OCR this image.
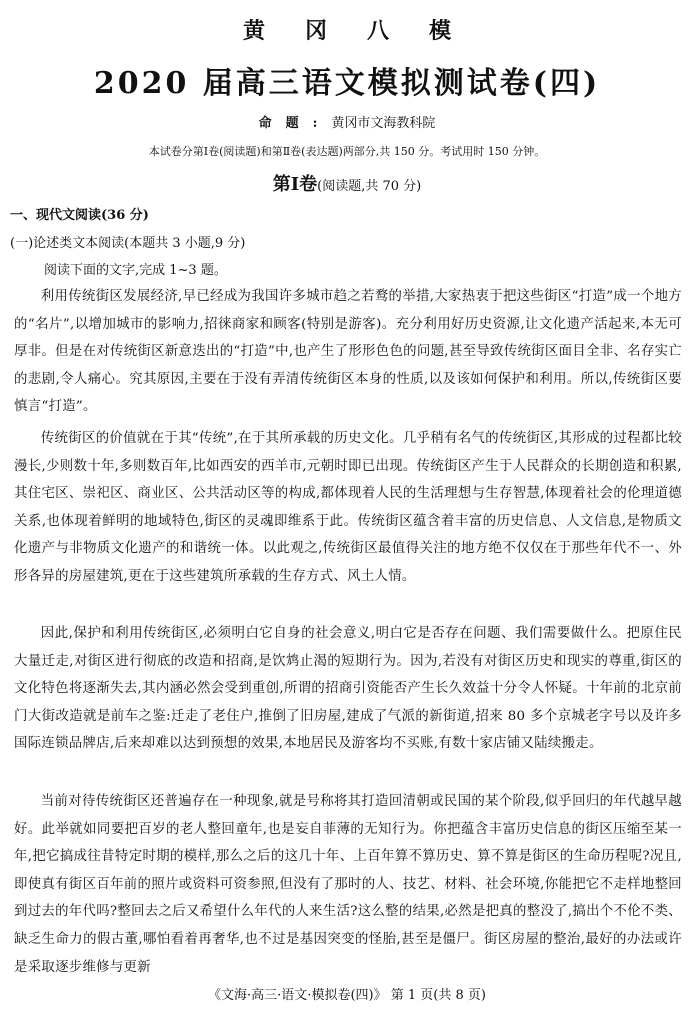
黄冈八模
2020 届高三语文模拟测试卷(四)
命题:黄冈市文海教科院
本试卷分第Ⅰ卷(阅读题)和第Ⅱ卷(表达题)两部分,共 150 分。考试用时 150 分钟。
第Ⅰ卷(阅读题,共 70 分)
一、现代文阅读(36 分)
(一)论述类文本阅读(本题共 3 小题,9 分)
阅读下面的文字,完成 1~3 题。

利用传统街区发展经济,早已经成为我国许多城市趋之若鹜的举措,大家热衷于把这些街区“打造”成一个地方的“名片”,以增加城市的影响力,招徕商家和顾客(特别是游客)。充分利用好历史资源,让文化遗产活起来,本无可厚非。但是在对传统街区新意迭出的“打造”中,也产生了形形色色的问题,甚至导致传统街区面目全非、名存实亡的悲剧,令人痛心。究其原因,主要在于没有弄清传统街区本身的性质,以及该如何保护和利用。所以,传统街区要慎言“打造”。

传统街区的价值就在于其“传统”,在于其所承载的历史文化。几乎稍有名气的传统街区,其形成的过程都比较漫长,少则数十年,多则数百年,比如西安的西羊市,元朝时即已出现。传统街区产生于人民群众的长期创造和积累,其住宅区、崇祀区、商业区、公共活动区等的构成,都体现着人民的生活理想与生存智慧,体现着社会的伦理道德关系,也体现着鲜明的地域特色,街区的灵魂即维系于此。传统街区蕴含着丰富的历史信息、人文信息,是物质文化遗产与非物质文化遗产的和谐统一体。以此观之,传统街区最值得关注的地方绝不仅仅在于那些年代不一、外形各异的房屋建筑,更在于这些建筑所承载的生存方式、风土人情。

因此,保护和利用传统街区,必须明白它自身的社会意义,明白它是否存在问题、我们需要做什么。把原住民大量迁走,对街区进行彻底的改造和招商,是饮鸩止渴的短期行为。因为,若没有对街区历史和现实的尊重,街区的文化特色将逐渐失去,其内涵必然会受到重创,所谓的招商引资能否产生长久效益十分令人怀疑。十年前的北京前门大街改造就是前车之鉴:迁走了老住户,推倒了旧房屋,建成了气派的新街道,招来 80 多个京城老字号以及许多国际连锁品牌店,后来却难以达到预想的效果,本地居民及游客均不买账,有数十家店铺又陆续搬走。

当前对待传统街区还普遍存在一种现象,就是号称将其打造回清朝或民国的某个阶段,似乎回归的年代越早越好。此举就如同要把百岁的老人整回童年,也是妄自菲薄的无知行为。你把蕴含丰富历史信息的街区压缩至某一年,把它搞成往昔特定时期的模样,那么之后的这几十年、上百年算不算历史、算不算是街区的生命历程呢?况且,即使真有街区百年前的照片或资料可资参照,但没有了那时的人、技艺、材料、社会环境,你能把它不走样地整回到过去的年代吗?整回去之后又希望什么年代的人来生活?这么整的结果,必然是把真的整没了,搞出个不伦不类、缺乏生命力的假古董,哪怕看着再奢华,也不过是基因突变的怪胎,甚至是僵尸。街区房屋的整治,最好的办法或许是采取逐步维修与更新

《文海·高三·语文·模拟卷(四)》 第 1 页(共 8 页)
